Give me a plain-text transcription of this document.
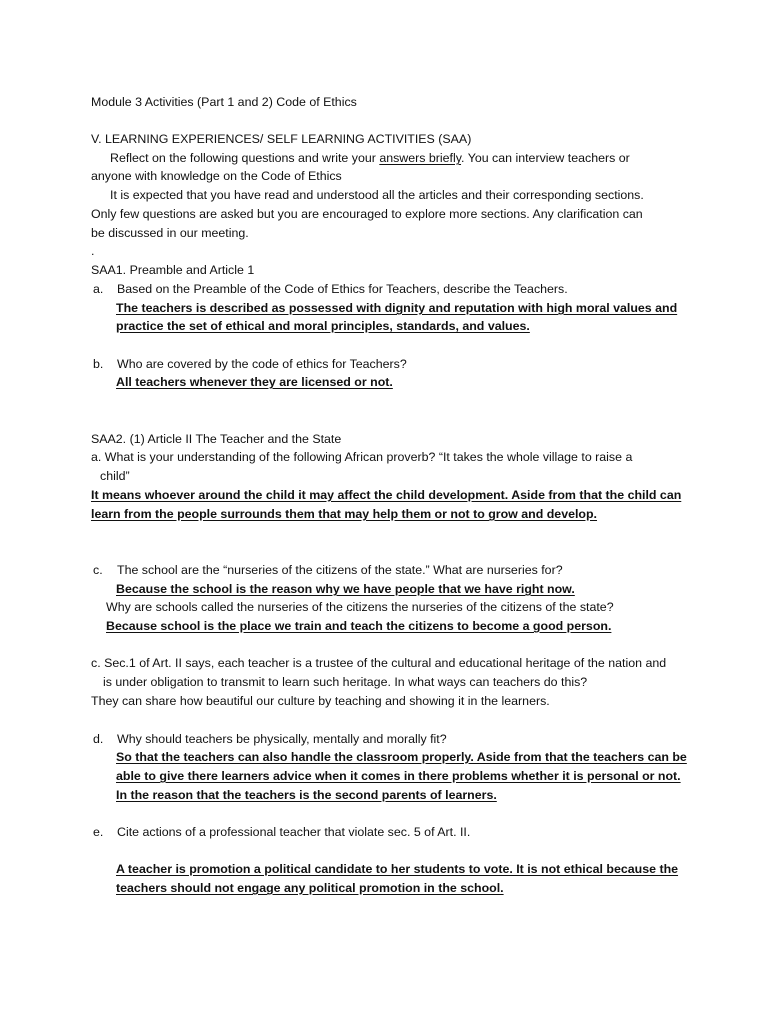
Module 3 Activities (Part 1 and 2) Code of Ethics
V. LEARNING EXPERIENCES/ SELF LEARNING ACTIVITIES (SAA)
Reflect on the following questions and write your answers briefly. You can interview teachers or
anyone with knowledge on the Code of Ethics
It is expected that you have read and understood all the articles and their corresponding sections.
Only few questions are asked but you are encouraged to explore more sections. Any clarification can
be discussed in our meeting.
.
SAA1. Preamble and Article 1
a. Based on the Preamble of the Code of Ethics for Teachers, describe the Teachers.
The teachers is described as possessed with dignity and reputation with high moral values and
practice the set of ethical and moral principles, standards, and values.
b. Who are covered by the code of ethics for Teachers?
All teachers whenever they are licensed or not.
SAA2. (1) Article II The Teacher and the State
a. What is your understanding of the following African proverb? “It takes the whole village to raise a
child”
It means whoever around the child it may affect the child development. Aside from that the child can
learn from the people surrounds them that may help them or not to grow and develop.
c. The school are the “nurseries of the citizens of the state.” What are nurseries for?
Because the school is the reason why we have people that we have right now.
Why are schools called the nurseries of the citizens the nurseries of the citizens of the state?
Because school is the place we train and teach the citizens to become a good person.
c. Sec.1 of Art. II says, each teacher is a trustee of the cultural and educational heritage of the nation and
is under obligation to transmit to learn such heritage. In what ways can teachers do this?
They can share how beautiful our culture by teaching and showing it in the learners.
d. Why should teachers be physically, mentally and morally fit?
So that the teachers can also handle the classroom properly. Aside from that the teachers can be
able to give there learners advice when it comes in there problems whether it is personal or not.
In the reason that the teachers is the second parents of learners.
e. Cite actions of a professional teacher that violate sec. 5 of Art. II.
A teacher is promotion a political candidate to her students to vote. It is not ethical because the
teachers should not engage any political promotion in the school.
